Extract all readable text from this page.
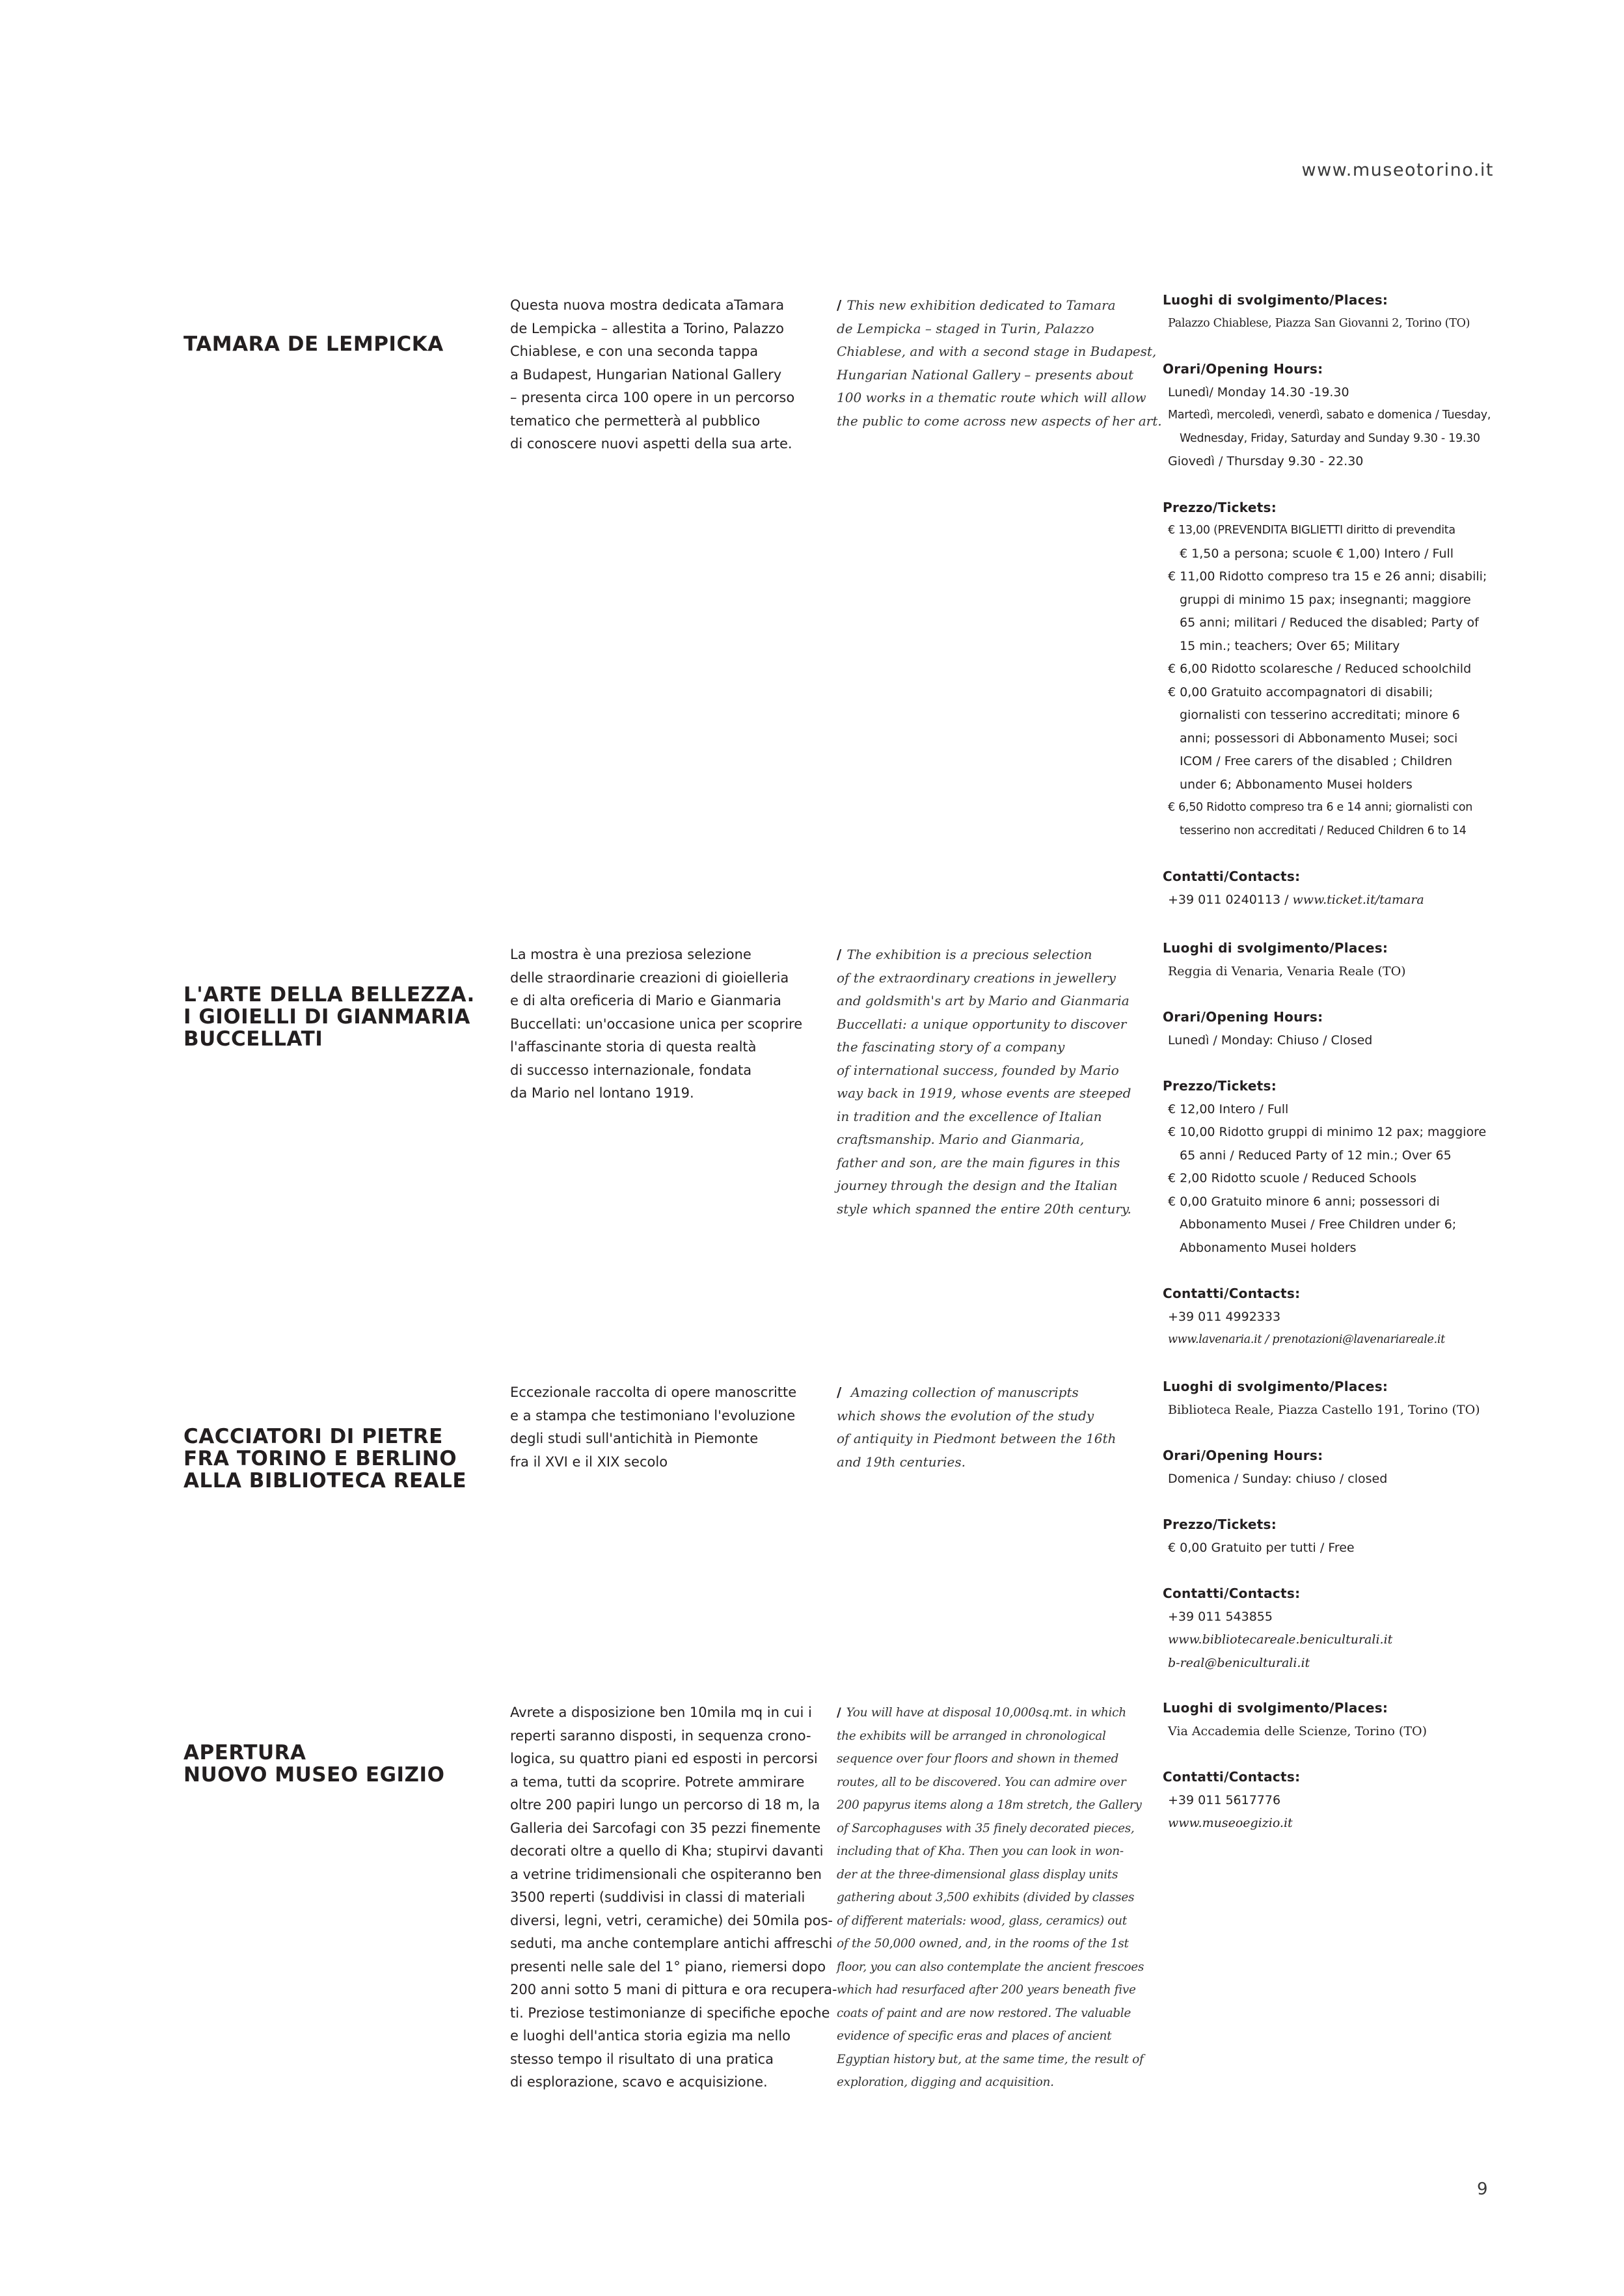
www.museotorino.it
TAMARA DE LEMPICKA
Questa nuova mostra dedicata aTamara
de Lempicka – allestita a Torino, Palazzo
Chiablese, e con una seconda tappa
a Budapest, Hungarian National Gallery
– presenta circa 100 opere in un percorso
tematico che permetterà al pubblico
di conoscere nuovi aspetti della sua arte.
/ This new exhibition dedicated to Tamara
de Lempicka – staged in Turin, Palazzo
Chiablese, and with a second stage in Budapest,
Hungarian National Gallery – presents about
100 works in a thematic route which will allow
the public to come across new aspects of her art.
Luoghi di svolgimento/Places:
Palazzo Chiablese, Piazza San Giovanni 2, Torino (TO)
Orari/Opening Hours:
Lunedì/ Monday 14.30 -19.30
Martedì, mercoledì, venerdì, sabato e domenica / Tuesday,
Wednesday, Friday, Saturday and Sunday 9.30 - 19.30
Giovedì / Thursday 9.30 - 22.30
Prezzo/Tickets:
€ 13,00 (PREVENDITA BIGLIETTI diritto di prevendita
€ 1,50 a persona; scuole € 1,00) Intero / Full
€ 11,00 Ridotto compreso tra 15 e 26 anni; disabili;
gruppi di minimo 15 pax; insegnanti; maggiore
65 anni; militari / Reduced the disabled; Party of
15 min.; teachers; Over 65; Military
€ 6,00 Ridotto scolaresche / Reduced schoolchild
€ 0,00 Gratuito accompagnatori di disabili;
giornalisti con tesserino accreditati; minore 6
anni; possessori di Abbonamento Musei; soci
ICOM / Free carers of the disabled ; Children
under 6; Abbonamento Musei holders
€ 6,50 Ridotto compreso tra 6 e 14 anni; giornalisti con
tesserino non accreditati / Reduced Children 6 to 14
Contatti/Contacts:
+39 011 0240113 / www.ticket.it/tamara
L'ARTE DELLA BELLEZZA.
I GIOIELLI DI GIANMARIA
BUCCELLATI
La mostra è una preziosa selezione
delle straordinarie creazioni di gioielleria
e di alta oreficeria di Mario e Gianmaria
Buccellati: un'occasione unica per scoprire
l'affascinante storia di questa realtà
di successo internazionale, fondata
da Mario nel lontano 1919.
/ The exhibition is a precious selection
of the extraordinary creations in jewellery
and goldsmith's art by Mario and Gianmaria
Buccellati: a unique opportunity to discover
the fascinating story of a company
of international success, founded by Mario
way back in 1919, whose events are steeped
in tradition and the excellence of Italian
craftsmanship. Mario and Gianmaria,
father and son, are the main figures in this
journey through the design and the Italian
style which spanned the entire 20th century.
Luoghi di svolgimento/Places:
Reggia di Venaria, Venaria Reale (TO)
Orari/Opening Hours:
Lunedì / Monday: Chiuso / Closed
Prezzo/Tickets:
€ 12,00 Intero / Full
€ 10,00 Ridotto gruppi di minimo 12 pax; maggiore
65 anni / Reduced Party of 12 min.; Over 65
€ 2,00 Ridotto scuole / Reduced Schools
€ 0,00 Gratuito minore 6 anni; possessori di
Abbonamento Musei / Free Children under 6;
Abbonamento Musei holders
Contatti/Contacts:
+39 011 4992333
www.lavenaria.it / prenotazioni@lavenariareale.it
CACCIATORI DI PIETRE
FRA TORINO E BERLINO
ALLA BIBLIOTECA REALE
Eccezionale raccolta di opere manoscritte
e a stampa che testimoniano l'evoluzione
degli studi sull'antichità in Piemonte
fra il XVI e il XIX secolo
/ Amazing collection of manuscripts
which shows the evolution of the study
of antiquity in Piedmont between the 16th
and 19th centuries.
Luoghi di svolgimento/Places:
Biblioteca Reale, Piazza Castello 191, Torino (TO)
Orari/Opening Hours:
Domenica / Sunday: chiuso / closed
Prezzo/Tickets:
€ 0,00 Gratuito per tutti / Free
Contatti/Contacts:
+39 011 543855
www.bibliotecareale.beniculturali.it
b-real@beniculturali.it
APERTURA
NUOVO MUSEO EGIZIO
Avrete a disposizione ben 10mila mq in cui i
reperti saranno disposti, in sequenza crono-
logica, su quattro piani ed esposti in percorsi
a tema, tutti da scoprire. Potrete ammirare
oltre 200 papiri lungo un percorso di 18 m, la
Galleria dei Sarcofagi con 35 pezzi finemente
decorati oltre a quello di Kha; stupirvi davanti
a vetrine tridimensionali che ospiteranno ben
3500 reperti (suddivisi in classi di materiali
diversi, legni, vetri, ceramiche) dei 50mila pos-
seduti, ma anche contemplare antichi affreschi
presenti nelle sale del 1° piano, riemersi dopo
200 anni sotto 5 mani di pittura e ora recupera-
ti. Preziose testimonianze di specifiche epoche
e luoghi dell'antica storia egizia ma nello
stesso tempo il risultato di una pratica
di esplorazione, scavo e acquisizione.
/ You will have at disposal 10,000sq.mt. in which
the exhibits will be arranged in chronological
sequence over four floors and shown in themed
routes, all to be discovered. You can admire over
200 papyrus items along a 18m stretch, the Gallery
of Sarcophaguses with 35 finely decorated pieces,
including that of Kha. Then you can look in won-
der at the three-dimensional glass display units
gathering about 3,500 exhibits (divided by classes
of different materials: wood, glass, ceramics) out
of the 50,000 owned, and, in the rooms of the 1st
floor, you can also contemplate the ancient frescoes
which had resurfaced after 200 years beneath five
coats of paint and are now restored. The valuable
evidence of specific eras and places of ancient
Egyptian history but, at the same time, the result of
exploration, digging and acquisition.
Luoghi di svolgimento/Places:
Via Accademia delle Scienze, Torino (TO)
Contatti/Contacts:
+39 011 5617776
www.museoegizio.it
9
